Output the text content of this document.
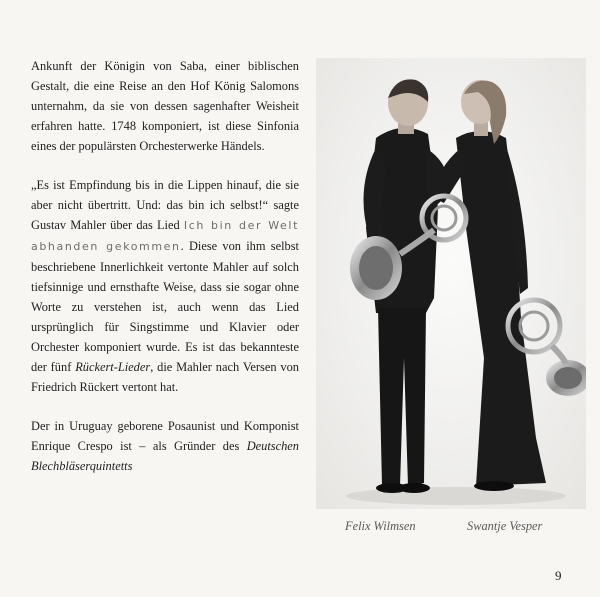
Ankunft der Königin von Saba, einer biblischen Gestalt, die eine Reise an den Hof König Salomons unternahm, da sie von dessen sagenhafter Weisheit erfahren hatte. 1748 komponiert, ist diese Sinfonia eines der populärsten Orchesterwerke Händels.

„Es ist Empfindung bis in die Lippen hinauf, die sie aber nicht übertritt. Und: das bin ich selbst!“ sagte Gustav Mahler über das Lied Ich bin der Welt abhanden gekommen. Diese von ihm selbst beschriebene Innerlichkeit vertonte Mahler auf solch tiefsinnige und ernsthafte Weise, dass sie sogar ohne Worte zu verstehen ist, auch wenn das Lied ursprünglich für Singstimme und Klavier oder Orchester komponiert wurde. Es ist das bekannteste der fünf Rückert-Lieder, die Mahler nach Versen von Friedrich Rückert vertont hat.

Der in Uruguay geborene Posaunist und Komponist Enrique Crespo ist – als Gründer des Deutschen Blechbläserquintetts

Felix Wilmsen	Swantje Vesper
9
